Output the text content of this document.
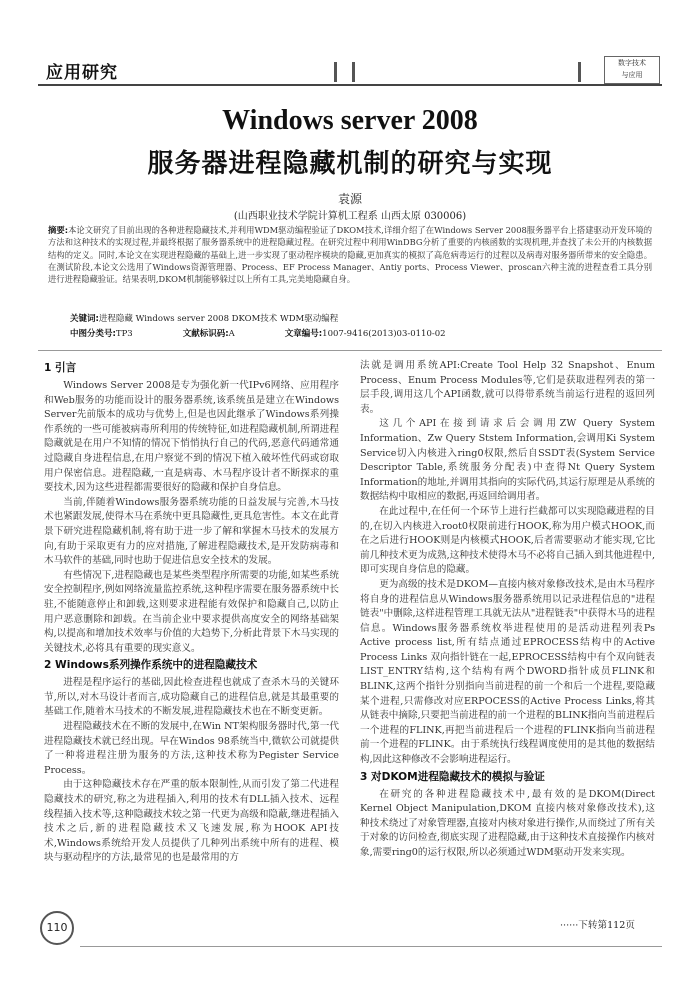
应用研究	数字技术
与应用
Windows server 2008
服务器进程隐藏机制的研究与实现
袁源
(山西职业技术学院计算机工程系 山西太原 030006)
摘要:本论文研究了目前出现的各种进程隐藏技术,并利用WDM驱动编程验证了DKOM技术,详细介绍了在Windows Server 2008服务器平台上搭建驱动开发环境的方法和这种技术的实现过程,并最终根据了服务器系统中的进程隐藏过程。在研究过程中利用WinDBG分析了重要的内核函数的实现机理,并查找了未公开的内核数据结构的定义。同时,本论文在实现进程隐藏的基础上,进一步实现了驱动程序模块的隐藏,更加真实的模拟了高危病毒运行的过程以及病毒对服务器所带来的安全隐患。在测试阶段,本论文公选用了Windows资源管理器、Process、EF Process Manager、Antiy ports、Process Viewer、proscan六种主流的进程查看工具分别进行进程隐藏验证。结果表明,DKOM机制能够躲过以上所有工具,完美地隐藏自身。
关键词:进程隐藏 Windows server 2008 DKOM技术 WDM驱动编程
中图分类号:TP3	文献标识码:A	文章编号:1007-9416(2013)03-0110-02
1 引言

Windows Server 2008是专为强化新一代IPv6网络、应用程序和Web服务的功能而设计的服务器系统,该系统虽是建立在Windows Server先前版本的成功与优势上,但是也因此继承了Windows系列操作系统的一些可能被病毒所利用的传统特征,如进程隐藏机制,所谓进程隐藏就是在用户不知情的情况下悄悄执行自己的代码,恶意代码通常通过隐藏自身进程信息,在用户察觉不到的情况下植入破坏性代码或窃取用户保密信息。进程隐藏,一直是病毒、木马程序设计者不断探求的重要技术,因为这些进程都需要很好的隐藏和保护自身信息。

当前,伴随着Windows服务器系统功能的日益发展与完善,木马技术也紧跟发展,使得木马在系统中更具隐藏性,更具危害性。本文在此背景下研究进程隐藏机制,将有助于进一步了解和掌握木马技术的发展方向,有助于采取更有力的应对措施,了解进程隐藏技术,是开发防病毒和木马软件的基础,同时也助于促进信息安全技术的发展。

有些情况下,进程隐藏也是某些类型程序所需要的功能,如某些系统安全控制程序,例如网络流量监控系统,这种程序需要在服务器系统中长驻,不能随意停止和卸载,这则要求进程能有效保护和隐藏自己,以防止用户恶意删除和卸载。在当前企业中要求提供高度安全的网络基础架构,以提高和增加技术效率与价值的大趋势下,分析此背景下木马实现的关键技术,必将具有重要的现实意义。

2 Windows系列操作系统中的进程隐藏技术

进程是程序运行的基础,因此检查进程也就成了查杀木马的关键环节,所以,对木马设计者而言,成功隐藏自己的进程信息,就是其最重要的基础工作,随着木马技术的不断发展,进程隐藏技术也在不断变更新。

进程隐藏技术在不断的发展中,在Win NT架构服务器时代,第一代进程隐藏技术就已经出现。早在Windos 98系统当中,微软公司就提供了一种将进程注册为服务的方法,这种技术称为Pegister Service Process。

由于这种隐藏技术存在严重的版本限制性,从而引发了第二代进程隐藏技术的研究,称之为进程插入,利用的技术有DLL插入技术、远程线程插入技术等,这种隐藏技术较之第一代更为高级和隐蔽,继进程插入技术之后,新的进程隐藏技术又飞速发展,称为HOOK API技术,Windows系统给开发人员提供了几种列出系统中所有的进程、模块与驱动程序的方法,最常见的也是最常用的方

法就是调用系统API:Create Tool Help 32 Snapshot、Enum Process、Enum Process Modules等,它们是获取进程列表的第一层手段,调用这几个API函数,就可以得带系统当前运行进程的返回列表。

这几个API在接到请求后会调用ZW Query System Information、Zw Query Ststem Information,会调用Ki System Service切入内核进入ring0权限,然后自SSDT表(System Service Descriptor Table,系统服务分配表)中查得Nt Query System Information的地址,并调用其指向的实际代码,其运行原理是从系统的数据结构中取相应的数据,再返回给调用者。

在此过程中,在任何一个环节上进行拦截都可以实现隐藏进程的目的,在切入内核进入root0权限前进行HOOK,称为用户模式HOOK,而在之后进行HOOK则是内核模式HOOK,后者需要驱动才能实现,它比前几种技术更为成熟,这种技术使得木马不必将自己插入到其他进程中,即可实现自身信息的隐藏。

更为高级的技术是DKOM—直接内核对象修改技术,是由木马程序将自身的进程信息从Windows服务器系统用以记录进程信息的"进程链表"中删除,这样进程管理工具就无法从"进程链表"中获得木马的进程信息。Windows服务器系统枚举进程使用的是活动进程列表Ps Active process list,所有结点通过EPROCESS结构中的Active Process Links 双向指针链在一起,EPROCESS结构中有个双向链表LIST_ENTRY结构,这个结构有两个DWORD指针成员FLINK和BLINK,这两个指针分别指向当前进程的前一个和后一个进程,要隐藏某个进程,只需修改对应ERPOCESS的Active Process Links,将其从链表中摘除,只要把当前进程的前一个进程的BLINK指向当前进程后一个进程的FLINK,再把当前进程后一个进程的FLINK指向当前进程前一个进程的FLINK。由于系统执行线程调度使用的是其他的数据结构,因此这种修改不会影响进程运行。

3 对DKOM进程隐藏技术的模拟与验证

在研究的各种进程隐藏技术中,最有效的是DKOM(Direct Kernel Object Manipulation,DKOM 直接内核对象修改技术),这种技术绕过了对象管理器,直接对内核对象进行操作,从而绕过了所有关于对象的访问检查,彻底实现了进程隐藏,由于这种技术直接操作内核对象,需要ring0的运行权限,所以必须通过WDM驱动开发来实现。

······下转第112页
110
